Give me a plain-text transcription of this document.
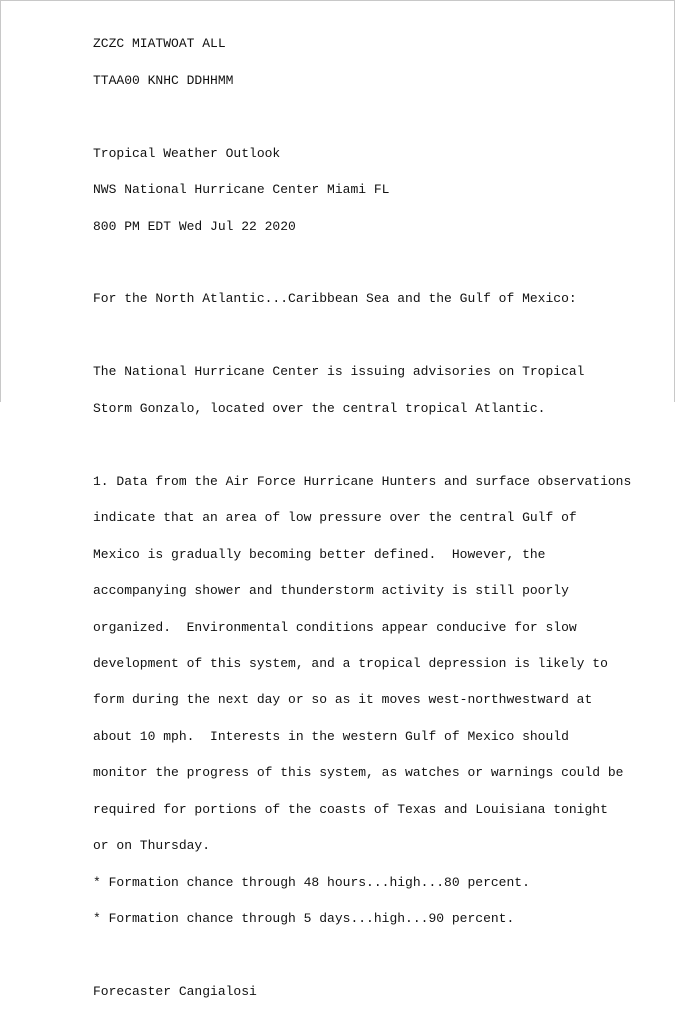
ZCZC MIATWOAT ALL

TTAA00 KNHC DDHHMM

Tropical Weather Outlook

NWS National Hurricane Center Miami FL

800 PM EDT Wed Jul 22 2020

For the North Atlantic...Caribbean Sea and the Gulf of Mexico:

The National Hurricane Center is issuing advisories on Tropical

Storm Gonzalo, located over the central tropical Atlantic.

1. Data from the Air Force Hurricane Hunters and surface observations

indicate that an area of low pressure over the central Gulf of

Mexico is gradually becoming better defined.  However, the

accompanying shower and thunderstorm activity is still poorly

organized.  Environmental conditions appear conducive for slow

development of this system, and a tropical depression is likely to

form during the next day or so as it moves west-northwestward at

about 10 mph.  Interests in the western Gulf of Mexico should

monitor the progress of this system, as watches or warnings could be

required for portions of the coasts of Texas and Louisiana tonight

or on Thursday.

* Formation chance through 48 hours...high...80 percent.

* Formation chance through 5 days...high...90 percent.

Forecaster Cangialosi
